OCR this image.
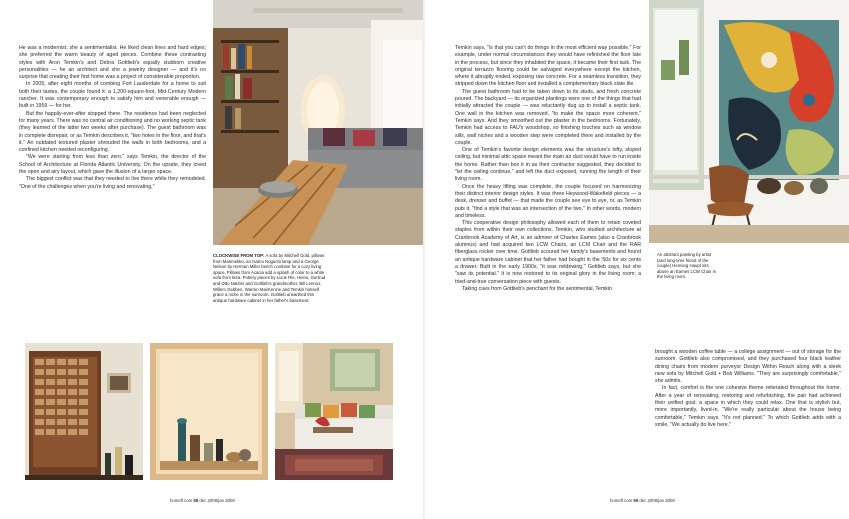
He was a modernist, she a sentimentalist. He liked clean lines and hard edges; she preferred the warm beauty of aged pieces. Combine these contrasting styles with Aron Temkin's and Debra Gottlieb's equally stubborn creative personalities — he an architect and she a jewelry designer — and it's no surprise that creating their first home was a project of considerable proportion.

In 2005, after eight months of combing Fort Lauderdale for a home to suit both their tastes, the couple found it: a 1,200-square-foot, Mid-Century Modern rancher. It was contemporary enough to satisfy him and venerable enough — built in 1959 — for her.

But the happily-ever-after stopped there. The residence had been neglected for many years. There was no central air conditioning and no working septic tank (they learned of the latter two weeks after purchase). The guest bathroom was in complete disrepair, or as Temkin describes it, "two holes in the floor, and that's it." An outdated textured plaster shrouded the walls in both bedrooms, and a confined kitchen needed reconfiguring.

"We were starting from less than zero," says Temkin, the director of the School of Architecture at Florida Atlantic University. On the upside, they loved the open and airy layout, which gave the illusion of a larger space.

The biggest conflict was that they needed to live there while they remodeled. "One of the challenges when you're living and renovating,"

CLOCKWISE FROM TOP: A sofa by Mitchell Gold, pillows from Marimekko, an Isamu Noguchi lamp and a George Nelson by Herman Miller bench combine for a cozy living space. Pillows from Acacia add a splash of color to a white sofa from Ikea. Pottery pieces by Lucie Rie, Heino, Gertrud and Otto Natzler and Gottlieb's grandmother, Bill Lennox, Willem Gebben, Warren MacKenzie and Temkin himself grace a niche in the sunroom. Gottlieb unearthed this antique hardware cabinet in her father's basement.
homefl.com 58 dec 2008/jan 2009

Temkin says, "is that you can't do things in the most efficient way possible." For example, under normal circumstances they would have refinished the floor late in the process, but since they inhabited the space, it became their first task. The original terrazzo flooring could be salvaged everywhere except the kitchen, where it abruptly ended, exposing raw concrete. For a seamless transition, they stripped down the kitchen floor and installed a complementary black slate tile.

The guest bathroom had to be taken down to its studs, and fresh concrete poured. The backyard — its organized plantings were one of the things that had initially attracted the couple — was reluctantly dug up to install a septic tank. One wall in the kitchen was removed, "to make the space more coherent," Temkin says. And they smoothed out the plaster in the bedrooms. Fortunately, Temkin had access to FAU's woodshop, so finishing touches such as window sills, wall niches and a wooden step were completed there and installed by the couple.

One of Temkin's favorite design elements was the structure's lofty, sloped ceiling, but minimal attic space meant the main air duct would have to run inside the home. Rather than box it in as their contractor suggested, they decided to "let the ceiling continue," and left the duct exposed, running the length of their living room.

Once the heavy lifting was complete, the couple focused on harmonizing their distinct interior design styles. It was three Heywood-Wakefield pieces — a desk, dresser and buffet — that made the couple see eye to eye, or, as Temkin puts it, "find a style that was an intersection of the two." In other words, modern and timeless.

This cooperative design philosophy allowed each of them to retain coveted staples from within their own collections. Temkin, who studied architecture at Cranbrook Academy of Art, is an admirer of Charles Eames (also a Cranbrook alumnus) and had acquired two LCW Chairs, an LCM Chair and the RAR fiberglass rocker over time. Gottlieb scoured her family's basements and found an antique hardware cabinet that her father had bought in the '50s for six cents a drawer. Built in the early 1900s, "it was mildewing," Gottlieb says, but she "saw its potential." It is now restored to its original glory in the living room; a tried-and-true conversation piece with guests.

Taking cues from Gottlieb's penchant for the sentimental, Temkin

An abstract painting by artist (and long-time friend of the couple) Henning Haupt sits above an Eames LCW Chair in the living room.

brought a wooden coffee table — a college assignment — out of storage for the sunroom. Gottlieb also compromised, and they purchased four black leather dining chairs from modern purveyor Design Within Reach along with a sleek new sofa by Mitchell Gold + Bob Williams. "They are surprisingly comfortable," she admits.

In fact, comfort is the one cohesive theme reiterated throughout the home. After a year of renovating, restoring and refurbishing, the pair had achieved their unified goal: a space in which they could relax. One that is stylish but, more importantly, lived-in. "We're really particular about the house being comfortable," Temkin says. "It's not planned." To which Gottlieb adds with a smile, "We actually do live here."

homefl.com 59 dec 2008/jan 2009
